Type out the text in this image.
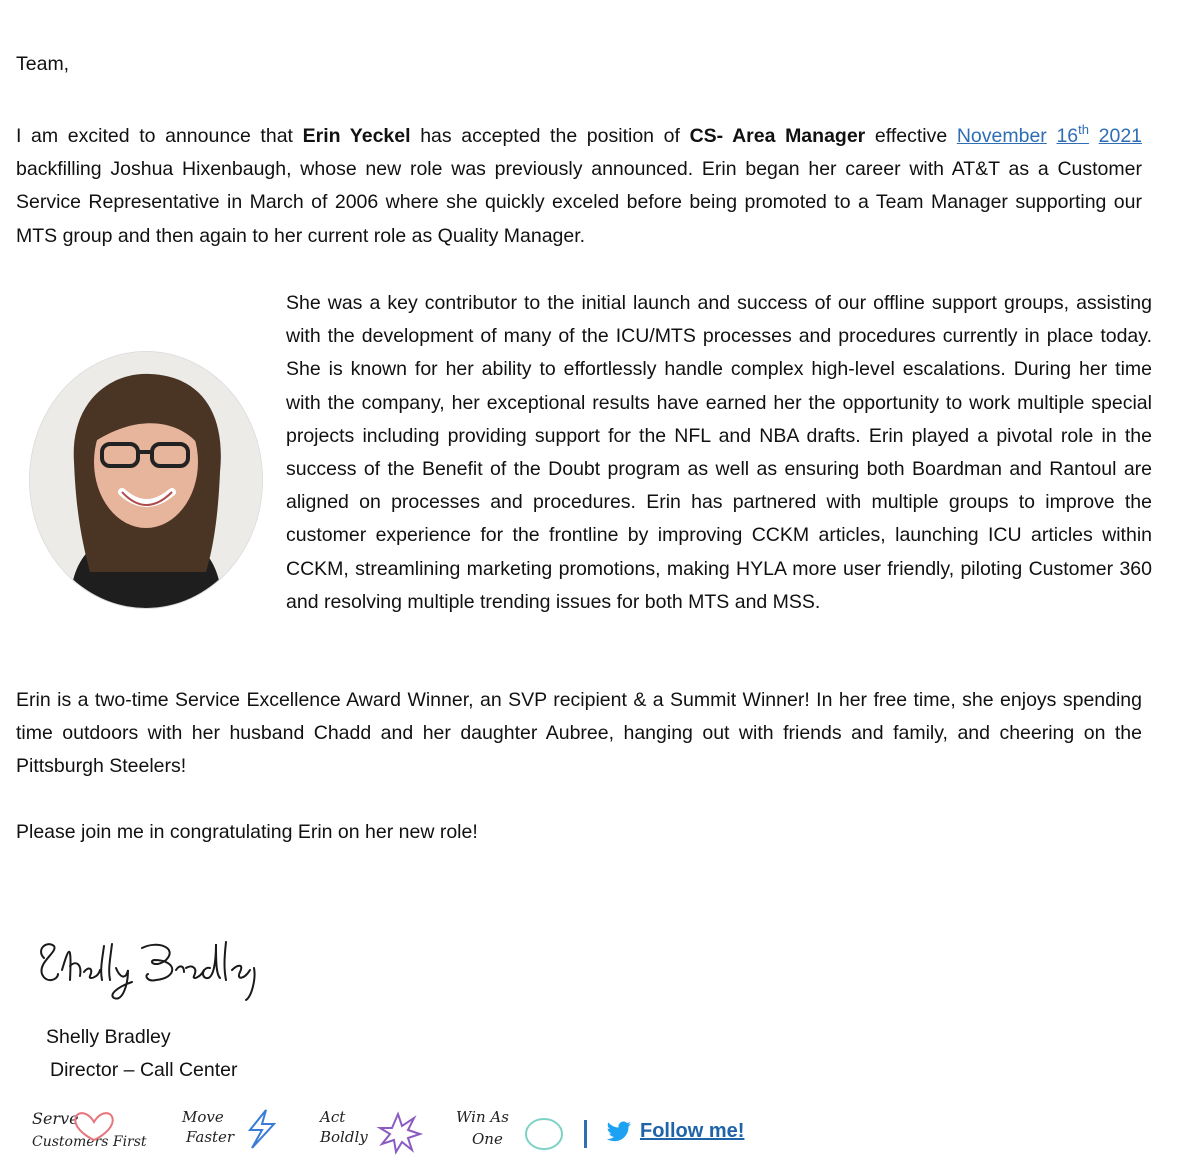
Team,

I am excited to announce that Erin Yeckel has accepted the position of CS- Area Manager effective November 16th 2021 backfilling Joshua Hixenbaugh, whose new role was previously announced. Erin began her career with AT&T as a Customer Service Representative in March of 2006 where she quickly exceled before being promoted to a Team Manager supporting our MTS group and then again to her current role as Quality Manager.

She was a key contributor to the initial launch and success of our offline support groups, assisting with the development of many of the ICU/MTS processes and procedures currently in place today. She is known for her ability to effortlessly handle complex high-level escalations. During her time with the company, her exceptional results have earned her the opportunity to work multiple special projects including providing support for the NFL and NBA drafts. Erin played a pivotal role in the success of the Benefit of the Doubt program as well as ensuring both Boardman and Rantoul are aligned on processes and procedures. Erin has partnered with multiple groups to improve the customer experience for the frontline by improving CCKM articles, launching ICU articles within CCKM, streamlining marketing promotions, making HYLA more user friendly, piloting Customer 360 and resolving multiple trending issues for both MTS and MSS.

Erin is a two-time Service Excellence Award Winner, an SVP recipient & a Summit Winner! In her free time, she enjoys spending time outdoors with her husband Chadd and her daughter Aubree, hanging out with friends and family, and cheering on the Pittsburgh Steelers!

Please join me in congratulating Erin on her new role!

Shelly Bradley
Director – Call Center
Serve
Customers First
Move
Faster
Act
Boldly
Win As
One	Follow me!
